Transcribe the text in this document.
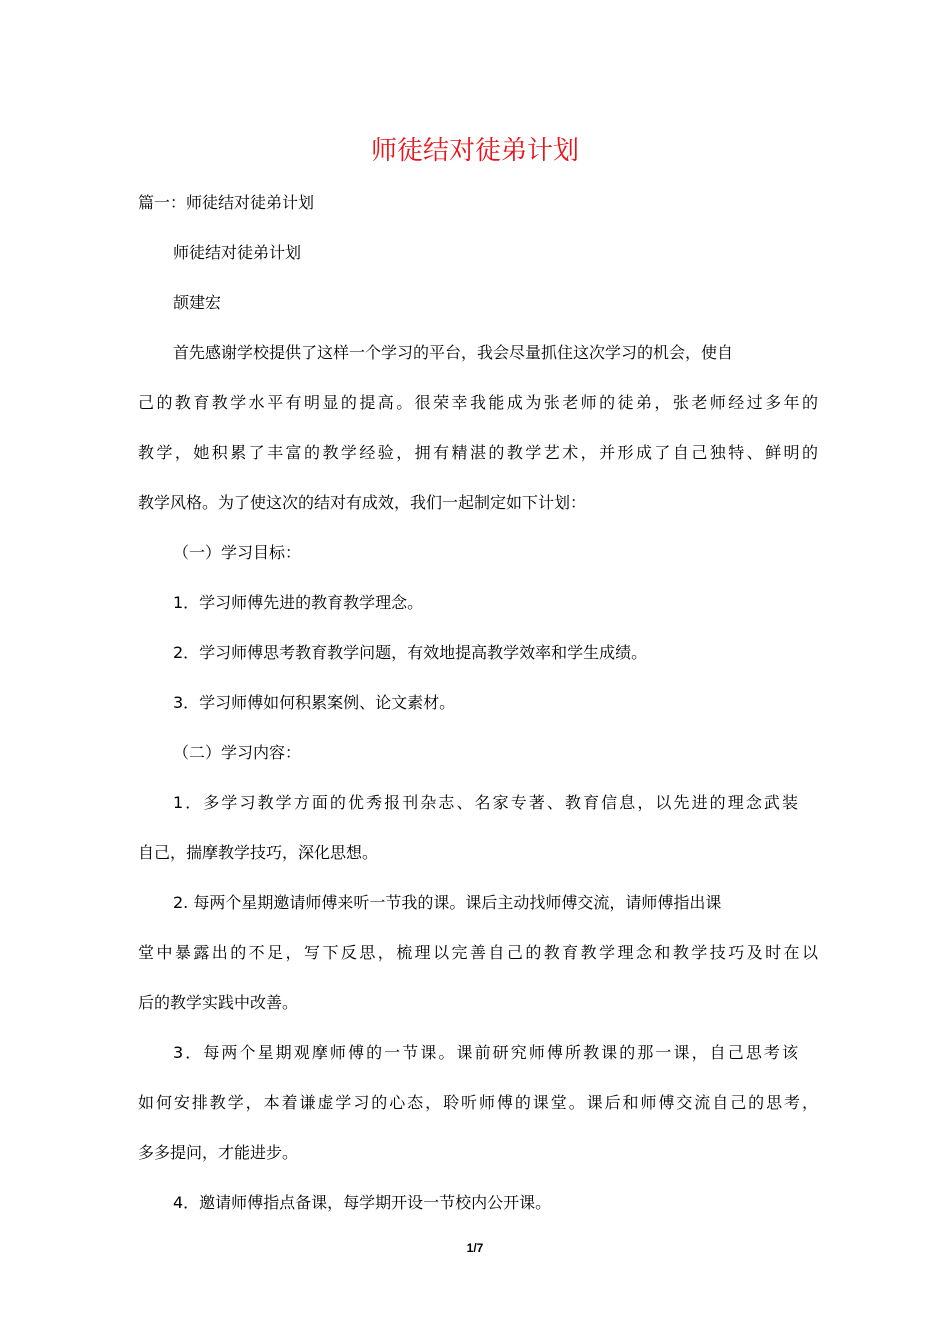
师徒结对徒弟计划
篇一：师徒结对徒弟计划
师徒结对徒弟计划
颉建宏
首先感谢学校提供了这样一个学习的平台，我会尽量抓住这次学习的机会，使自
己的教育教学水平有明显的提高。很荣幸我能成为张老师的徒弟，张老师经过多年的
教学，她积累了丰富的教学经验，拥有精湛的教学艺术，并形成了自己独特、鲜明的
教学风格。为了使这次的结对有成效，我们一起制定如下计划：
（一）学习目标：
1．学习师傅先进的教育教学理念。
2．学习师傅思考教育教学问题，有效地提高教学效率和学生成绩。
3．学习师傅如何积累案例、论文素材。
（二）学习内容：
1．多学习教学方面的优秀报刊杂志、名家专著、教育信息，以先进的理念武装
自己，揣摩教学技巧，深化思想。
2. 每两个星期邀请师傅来听一节我的课。课后主动找师傅交流，请师傅指出课
堂中暴露出的不足，写下反思，梳理以完善自己的教育教学理念和教学技巧及时在以
后的教学实践中改善。
3．每两个星期观摩师傅的一节课。课前研究师傅所教课的那一课，自己思考该
如何安排教学，本着谦虚学习的心态，聆听师傅的课堂。课后和师傅交流自己的思考，
多多提问，才能进步。
4．邀请师傅指点备课，每学期开设一节校内公开课。
1/7
